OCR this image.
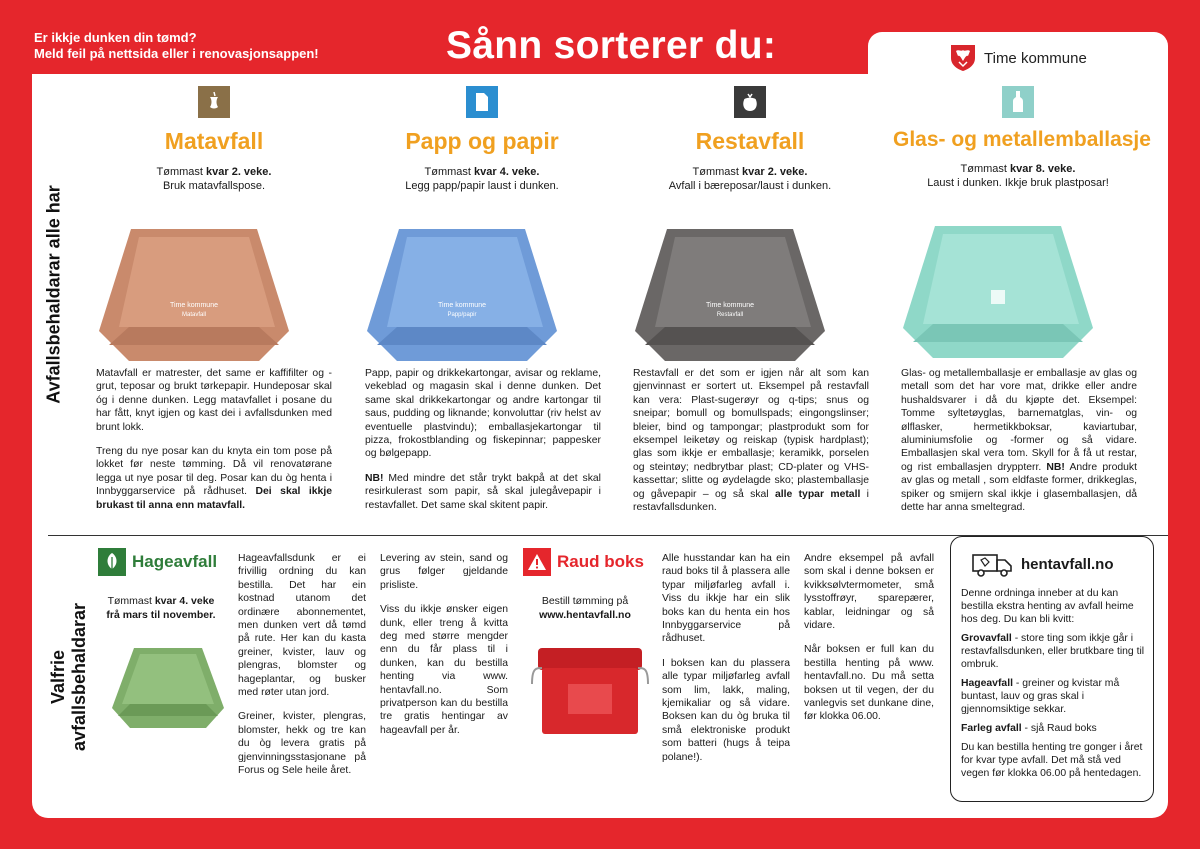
Er ikkje dunken din tømd?
Meld feil på nettsida eller i renovasjonsappen!	Sånn sorterer du:	Time kommune
Avfallsbehaldarar alle har
Valfrie avfallsbehaldarar
Matavfall
Tømmast kvar 2. veke.
Bruk matavfallspose.
Time kommune
Matavfall

Matavfall er matrester, det same er kaffifilter og -grut, teposar og brukt tørkepapir. Hundeposar skal óg i denne dunken. Legg matavfallet i posane du har fått, knyt igjen og kast dei i avfallsdunken med brunt lokk.

Treng du nye posar kan du knyta ein tom pose på lokket før neste tømming. Då vil renovatørane legga ut nye posar til deg. Posar kan du òg henta i Innbyggarservice på rådhuset. Dei skal ikkje brukast til anna enn matavfall.

Papp og papir
Tømmast kvar 4. veke.
Legg papp/papir laust i dunken.
Time kommune
Papp/papir

Papp, papir og drikkekartongar, avisar og reklame, vekeblad og magasin skal i denne dunken. Det same skal drikkekartongar og andre kartongar til saus, pudding og liknande; konvoluttar (riv helst av eventuelle plastvindu); emballasjekartongar til pizza, frokostblanding og fiskepinnar; pappesker og bølgepapp.

NB! Med mindre det står trykt bakpå at det skal resirkulerast som papir, så skal julegåvepapir i restavfallet. Det same skal skitent papir.

Restavfall
Tømmast kvar 2. veke.
Avfall i bæreposar/laust i dunken.
Time kommune
Restavfall

Restavfall er det som er igjen når alt som kan gjenvinnast er sortert ut. Eksempel på restavfall kan vera: Plast-sugerøyr og q-tips; snus og sneipar; bomull og bomullspads; eingongslinser; bleier, bind og tampongar; plastprodukt som for eksempel leiketøy og reiskap (typisk hardplast); glas som ikkje er emballasje; keramikk, porselen og steintøy; nedbrytbar plast; CD-plater og VHS-kassettar; slitte og øydelagde sko; plastemballasje og gåvepapir – og så skal alle typar metall i restavfallsdunken.

Glas- og metallemballasje
Tømmast kvar 8. veke.
Laust i dunken. Ikkje bruk plastposar!

Glas- og metallemballasje er emballasje av glas og metall som det har vore mat, drikke eller andre hushaldsvarer i då du kjøpte det. Eksempel: Tomme syltetøyglas, barnematglas, vin- og ølflasker, hermetikkboksar, kaviartubar, aluminiumsfolie og -former og så vidare. Emballasjen skal vera tom. Skyll for å få ut restar, og rist emballasjen dryppterr. NB! Andre produkt av glas og metall , som eldfaste former, drikkeglas, spiker og smijern skal ikkje i glasemballasjen, då dette har anna smeltegrad.

Hageavfall
Tømmast kvar 4. veke
frå mars til november.

Hageavfallsdunk er ei frivillig ordning du kan bestilla. Det har ein kostnad utanom det ordinære abonnementet, men dunken vert då tømd på rute. Her kan du kasta greiner, kvister, lauv og plengras, blomster og hageplantar, og busker med røter utan jord.

Greiner, kvister, plengras, blomster, hekk og tre kan du òg levera gratis på gjenvinningsstasjonane på Forus og Sele heile året.

Levering av stein, sand og grus følger gjeldande prisliste.

Viss du ikkje ønsker eigen dunk, eller treng å kvitta deg med større mengder enn du får plass til i dunken, kan du bestilla henting via www. hentavfall.no. Som privatperson kan du bestilla tre gratis hentingar av hageavfall per år.

Raud boks
Bestill tømming på
www.hentavfall.no

Alle husstandar kan ha ein raud boks til å plassera alle typar miljøfarleg avfall i. Viss du ikkje har ein slik boks kan du henta ein hos Innbyggarservice på rådhuset.

I boksen kan du plassera alle typar miljøfarleg avfall som lim, lakk, maling, kjemikaliar og så vidare. Boksen kan du òg bruka til små elektroniske produkt som batteri (hugs å teipa polane!).

Andre eksempel på avfall som skal i denne boksen er kvikksølvtermometer, små lysstoffrøyr, sparepærer, kablar, leidningar og så vidare.

Når boksen er full kan du bestilla henting på www. hentavfall.no. Du må setta boksen ut til vegen, der du vanlegvis set dunkane dine, før klokka 06.00.

hentavfall.no

Denne ordninga inneber at du kan bestilla ekstra henting av avfall heime hos deg. Du kan bli kvitt:

Grovavfall - store ting som ikkje går i restavfallsdunken, eller brutkbare ting til ombruk.

Hageavfall - greiner og kvistar må buntast, lauv og gras skal i gjennomsiktige sekkar.

Farleg avfall - sjå Raud boks

Du kan bestilla henting tre gonger i året for kvar type avfall. Det må stå ved vegen før klokka 06.00 på hentedagen.
